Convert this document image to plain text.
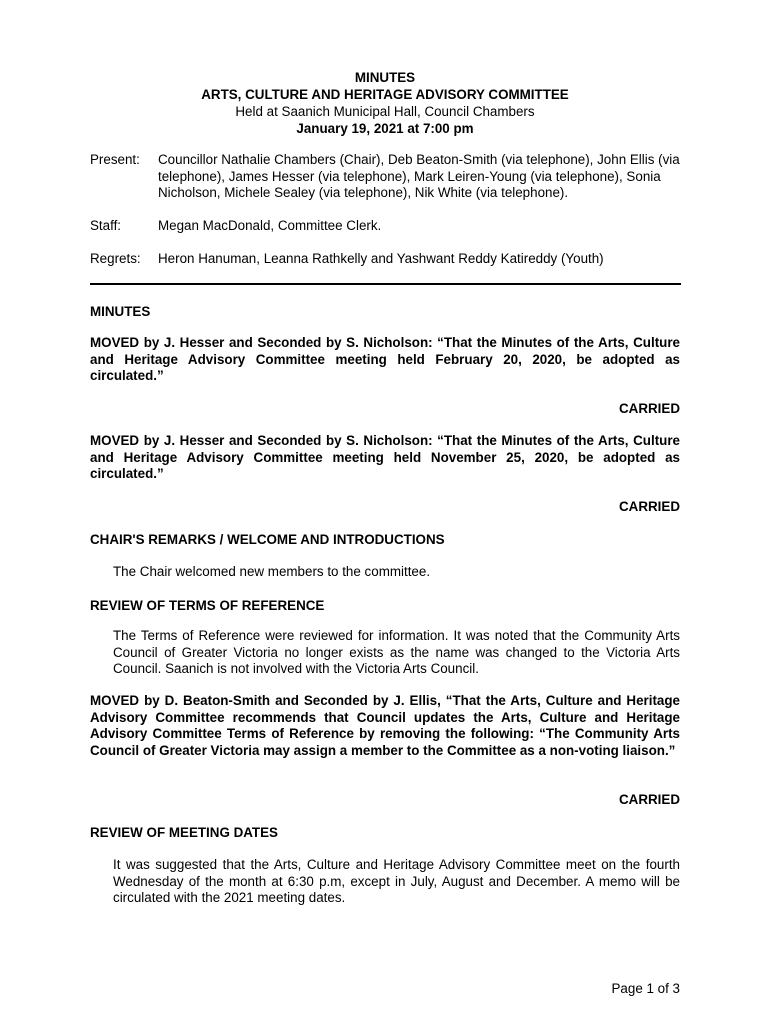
MINUTES
ARTS, CULTURE AND HERITAGE ADVISORY COMMITTEE
Held at Saanich Municipal Hall, Council Chambers
January 19, 2021 at 7:00 pm
Present: Councillor Nathalie Chambers (Chair), Deb Beaton-Smith (via telephone), John Ellis (via telephone), James Hesser (via telephone), Mark Leiren-Young (via telephone), Sonia Nicholson, Michele Sealey (via telephone), Nik White (via telephone).
Staff:	Megan MacDonald, Committee Clerk.
Regrets: Heron Hanuman, Leanna Rathkelly and Yashwant Reddy Katireddy (Youth)
MINUTES
MOVED by J. Hesser and Seconded by S. Nicholson: “That the Minutes of the Arts, Culture and Heritage Advisory Committee meeting held February 20, 2020, be adopted as circulated.”
CARRIED
MOVED by J. Hesser and Seconded by S. Nicholson: “That the Minutes of the Arts, Culture and Heritage Advisory Committee meeting held November 25, 2020, be adopted as circulated.”
CARRIED
CHAIR'S REMARKS / WELCOME AND INTRODUCTIONS
The Chair welcomed new members to the committee.
REVIEW OF TERMS OF REFERENCE
The Terms of Reference were reviewed for information. It was noted that the Community Arts Council of Greater Victoria no longer exists as the name was changed to the Victoria Arts Council. Saanich is not involved with the Victoria Arts Council.
MOVED by D. Beaton-Smith and Seconded by J. Ellis, “That the Arts, Culture and Heritage Advisory Committee recommends that Council updates the Arts, Culture and Heritage Advisory Committee Terms of Reference by removing the following: “The Community Arts Council of Greater Victoria may assign a member to the Committee as a non-voting liaison.”
CARRIED
REVIEW OF MEETING DATES
It was suggested that the Arts, Culture and Heritage Advisory Committee meet on the fourth Wednesday of the month at 6:30 p.m, except in July, August and December. A memo will be circulated with the 2021 meeting dates.
Page 1 of 3
